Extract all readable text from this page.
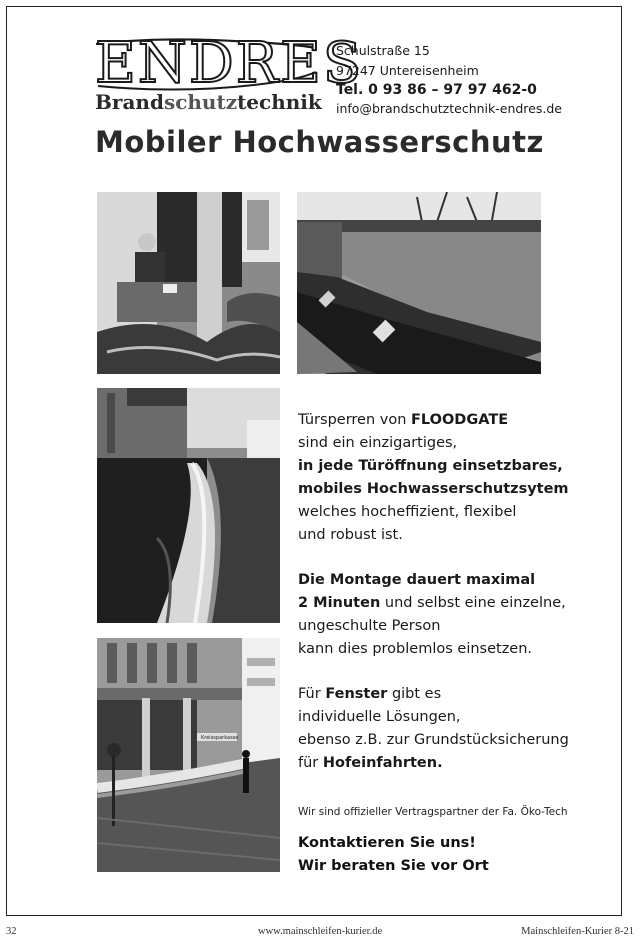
ENDRES
Brandschutztechnik
Schulstraße 15
97247 Untereisenheim
Tel. 0 93 86 – 97 97 462-0
info@brandschutztechnik-endres.de
Mobiler Hochwasserschutz
Kreissparkasse

Türsperren von FLOODGATE

sind ein einzigartiges,

in jede Türöffnung einsetzbares,

mobiles Hochwasserschutzsytem

welches hocheffizient, flexibel

und robust ist.

Die Montage dauert maximal

2 Minuten und selbst eine einzelne,

ungeschulte Person

kann dies problemlos einsetzen.

Für Fenster gibt es

individuelle Lösungen,

ebenso z.B. zur Grundstücksicherung

für Hofeinfahrten.

Wir sind offizieller Vertragspartner der Fa. Öko-Tech
Kontaktieren Sie uns!
Wir beraten Sie vor Ort
32	www.mainschleifen-kurier.de	Mainschleifen-Kurier 8-21
